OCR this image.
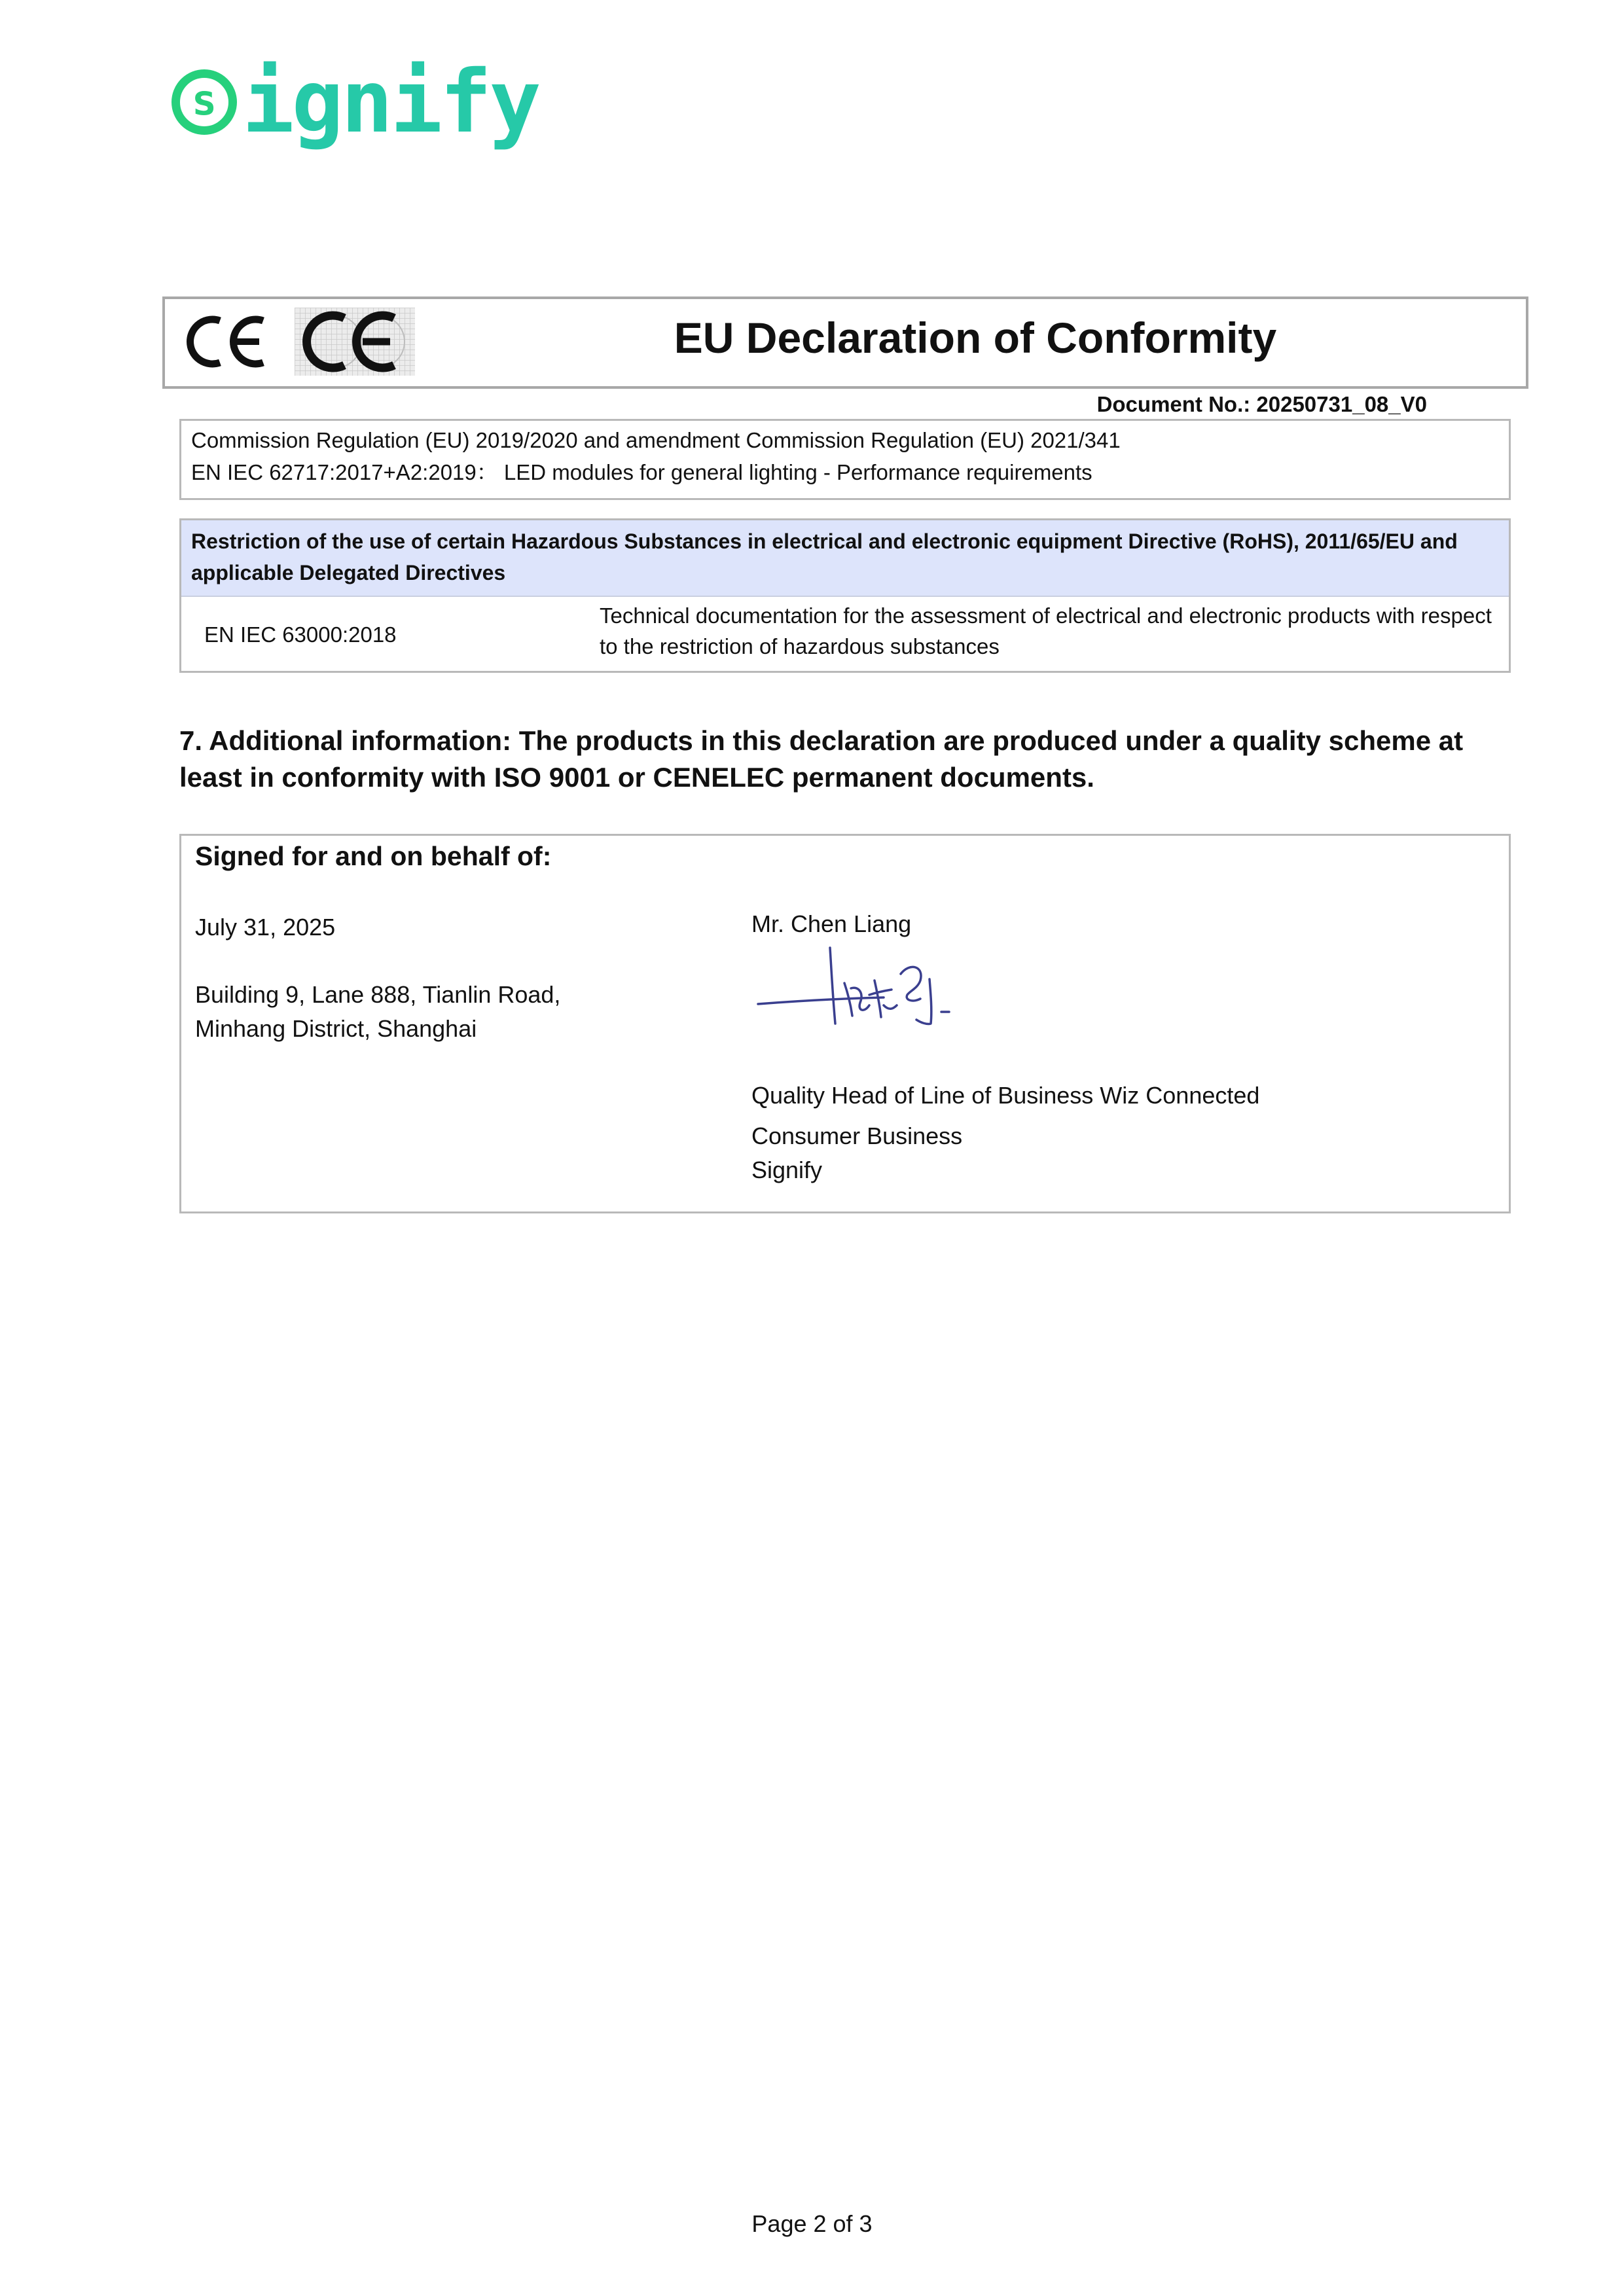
s ignify
EU Declaration of Conformity
Document No.: 20250731_08_V0
Commission Regulation (EU) 2019/2020 and amendment Commission Regulation (EU) 2021/341
EN IEC 62717:2017+A2:2019： LED modules for general lighting - Performance requirements
Restriction of the use of certain Hazardous Substances in electrical and electronic equipment Directive (RoHS), 2011/65/EU and applicable Delegated Directives
EN IEC 63000:2018
Technical documentation for the assessment of electrical and electronic products with respect to the restriction of hazardous substances
7. Additional information: The products in this declaration are produced under a quality scheme at least in conformity with ISO 9001 or CENELEC permanent documents.
Signed for and on behalf of:
July 31, 2025
Building 9, Lane 888, Tianlin Road,
Minhang District, Shanghai
Mr. Chen Liang
Quality Head of Line of Business Wiz Connected
Consumer Business
Signify
Page 2 of 3
